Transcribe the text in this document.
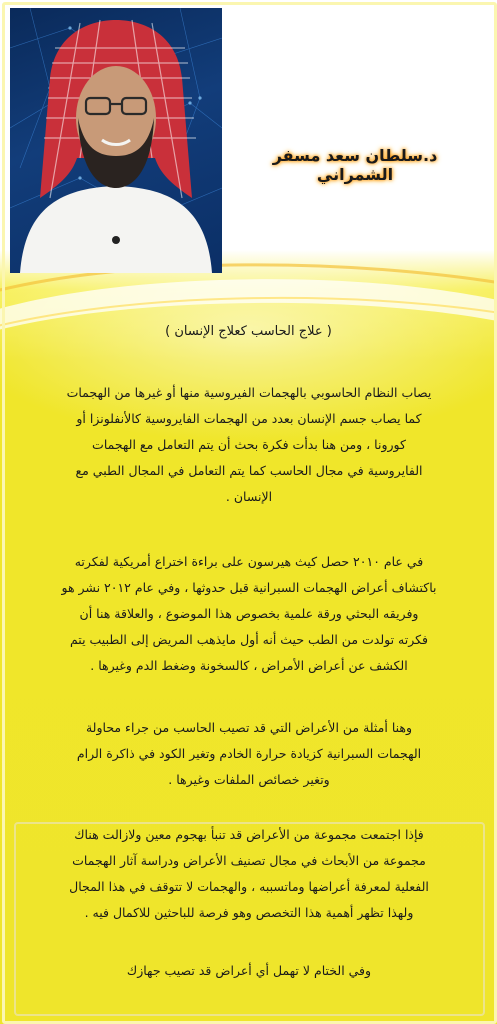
د.سلطان سعد مسفر الشمراني
( علاج الحاسب كعلاج الإنسان )
يصاب النظام الحاسوبي بالهجمات الفيروسية منها أو غيرها من الهجمات
كما يصاب جسم الإنسان بعدد من الهجمات الفايروسية كالأنفلونزا أو
كورونا ، ومن هنا بدأت فكرة بحث أن يتم التعامل مع الهجمات
الفايروسية في مجال الحاسب كما يتم التعامل في المجال الطبي مع
الإنسان .
في عام ٢٠١٠ حصل كيث هيرسون على براءة اختراع أمريكية لفكرته
باكتشاف أعراض الهجمات السبرانية قبل حدوثها ، وفي عام ٢٠١٢ نشر هو
وفريقه البحثي ورقة علمية بخصوص هذا الموضوع ، والعلاقة هنا أن
فكرته تولدت من الطب حيث أنه أول مايذهب المريض إلى الطبيب يتم
الكشف عن أعراض الأمراض ، كالسخونة وضغط الدم وغيرها .
وهنا أمثلة من الأعراض التي قد تصيب الحاسب من جراء محاولة
الهجمات السبرانية كزيادة حرارة الخادم وتغير الكود في ذاكرة الرام
وتغير خصائص الملفات وغيرها .
فإذا اجتمعت مجموعة من الأعراض قد تنبأ بهجوم معين ولازالت هناك
مجموعة من الأبحاث في مجال تصنيف الأعراض ودراسة آثار الهجمات
الفعلية لمعرفة أعراضها وماتسببه ، والهجمات لا تتوقف في هذا المجال
ولهذا تظهر أهمية هذا التخصص وهو فرصة للباحثين للاكمال فيه .
وفي الختام لا تهمل أي أعراض قد تصيب جهازك
